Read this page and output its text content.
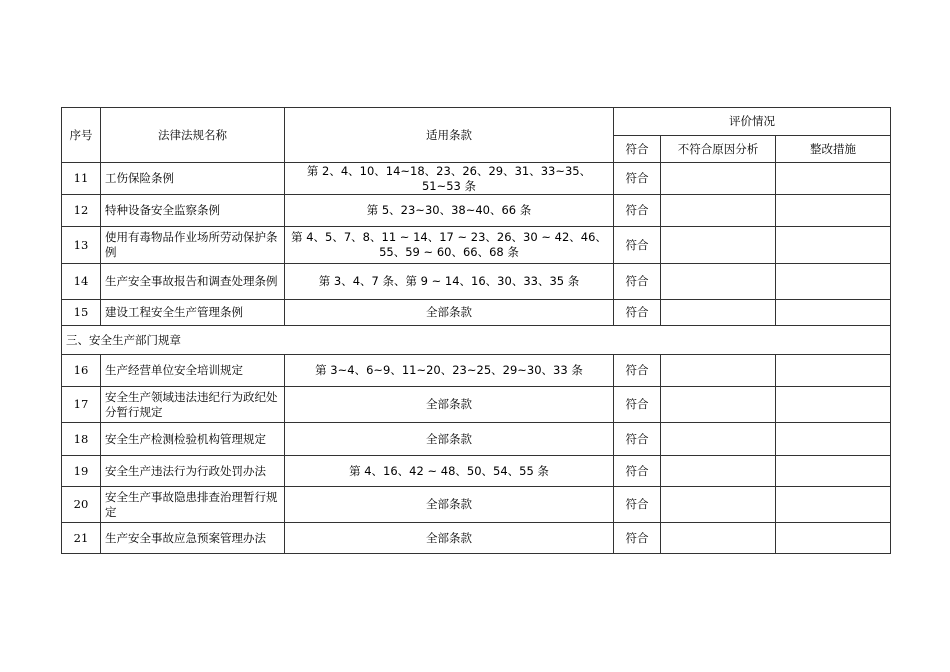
序号	法律法规名称	适用条款	评价情况		
			符合	不符合原因分析	整改措施
11	工伤保险条例	第 2、4、10、14~18、23、26、29、31、33~35、51~53 条	符合		
12	特种设备安全监察条例	第 5、23~30、38~40、66 条	符合		
13	使用有毒物品作业场所劳动保护条例	第 4、5、7、8、11 ~ 14、17 ~ 23、26、30 ~ 42、46、55、59 ~ 60、66、68 条	符合		
14	生产安全事故报告和调查处理条例	第 3、4、7 条、第 9 ~ 14、16、30、33、35 条	符合		
15	建设工程安全生产管理条例	全部条款	符合		
三、安全生产部门规章					
16	生产经营单位安全培训规定	第 3~4、6~9、11~20、23~25、29~30、33 条	符合		
17	安全生产领域违法违纪行为政纪处分暂行规定	全部条款	符合		
18	安全生产检测检验机构管理规定	全部条款	符合		
19	安全生产违法行为行政处罚办法	第 4、16、42 ~ 48、50、54、55 条	符合		
20	安全生产事故隐患排查治理暂行规定	全部条款	符合		
21	生产安全事故应急预案管理办法	全部条款	符合		
